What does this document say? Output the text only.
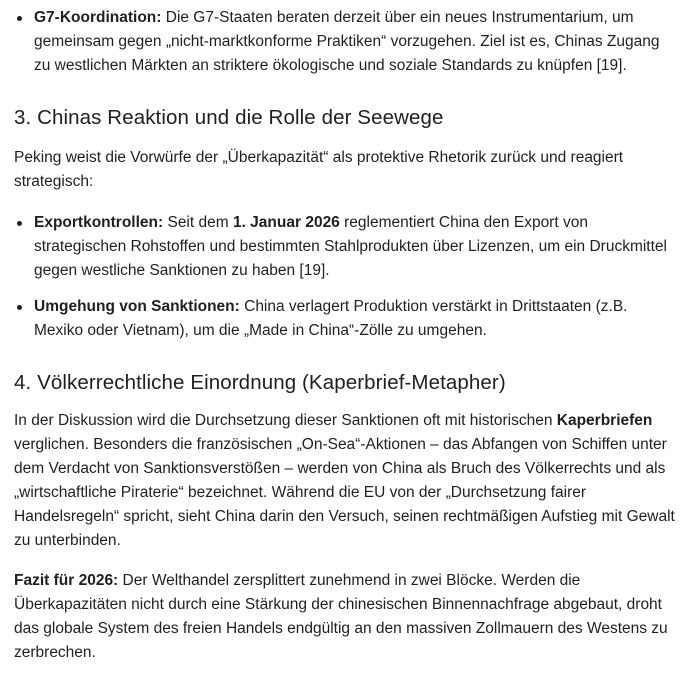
G7-Koordination: Die G7-Staaten beraten derzeit über ein neues Instrumentarium, um gemeinsam gegen „nicht-marktkonforme Praktiken“ vorzugehen. Ziel ist es, Chinas Zugang zu westlichen Märkten an striktere ökologische und soziale Standards zu knüpfen [19].
3. Chinas Reaktion und die Rolle der Seewege

Peking weist die Vorwürfe der „Überkapazität“ als protektive Rhetorik zurück und reagiert strategisch:

Exportkontrollen: Seit dem 1. Januar 2026 reglementiert China den Export von strategischen Rohstoffen und bestimmten Stahlprodukten über Lizenzen, um ein Druckmittel gegen westliche Sanktionen zu haben [19].
Umgehung von Sanktionen: China verlagert Produktion verstärkt in Drittstaaten (z.B. Mexiko oder Vietnam), um die „Made in China“-Zölle zu umgehen.
4. Völkerrechtliche Einordnung (Kaperbrief-Metapher)

In der Diskussion wird die Durchsetzung dieser Sanktionen oft mit historischen Kaperbriefen verglichen. Besonders die französischen „On-Sea“-Aktionen – das Abfangen von Schiffen unter dem Verdacht von Sanktionsverstößen – werden von China als Bruch des Völkerrechts und als „wirtschaftliche Piraterie“ bezeichnet. Während die EU von der „Durchsetzung fairer Handelsregeln“ spricht, sieht China darin den Versuch, seinen rechtmäßigen Aufstieg mit Gewalt zu unterbinden.

Fazit für 2026: Der Welthandel zersplittert zunehmend in zwei Blöcke. Werden die Überkapazitäten nicht durch eine Stärkung der chinesischen Binnennachfrage abgebaut, droht das globale System des freien Handels endgültig an den massiven Zollmauern des Westens zu zerbrechen.
